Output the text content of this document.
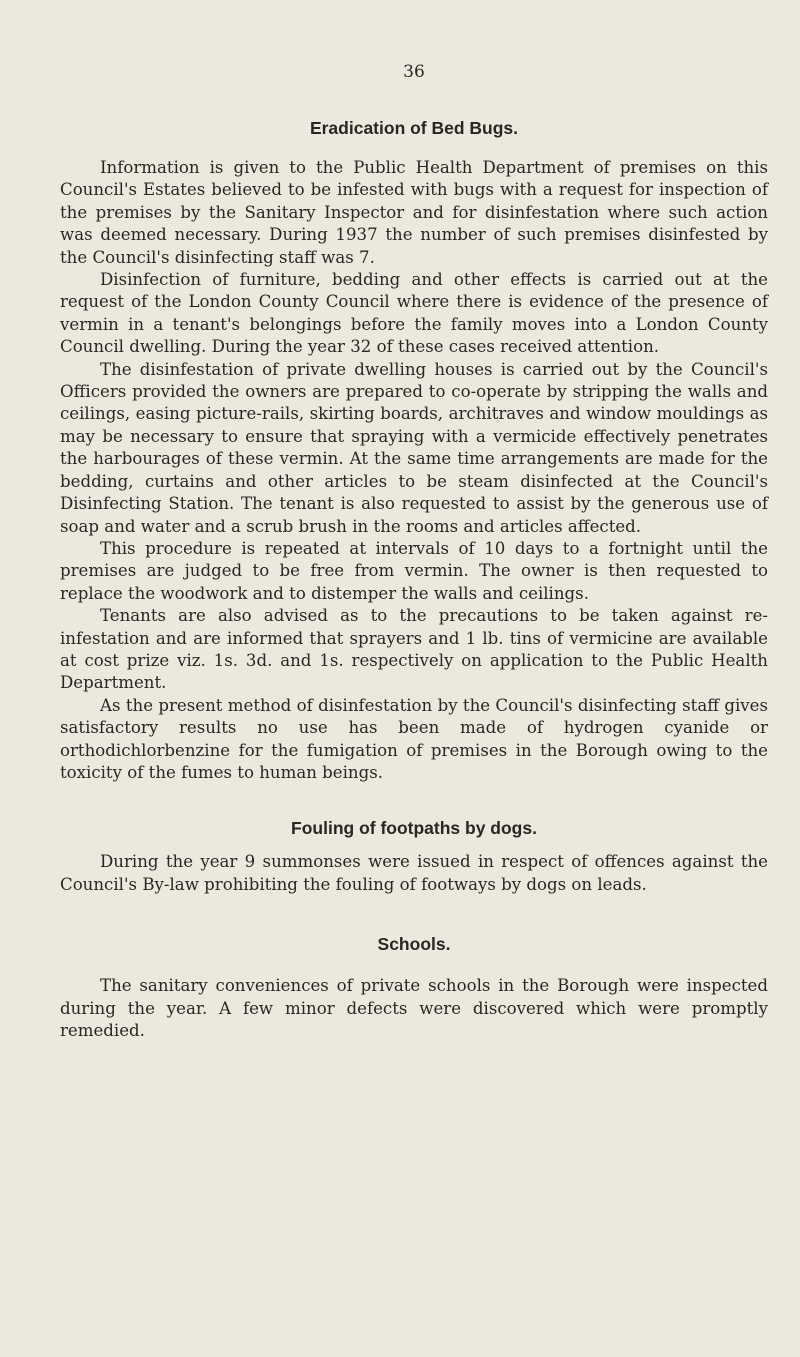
36
Eradication of Bed Bugs.

Information is given to the Public Health Department of premises on this Council's Estates believed to be infested with bugs with a request for inspection of the premises by the Sanitary Inspector and for disinfestation where such action was deemed necessary. During 1937 the number of such premises disinfested by the Council's disinfecting staff was 7.

Disinfection of furniture, bedding and other effects is carried out at the request of the London County Council where there is evidence of the presence of vermin in a tenant's belongings before the family moves into a London County Council dwelling. During the year 32 of these cases received attention.

The disinfestation of private dwelling houses is carried out by the Council's Officers provided the owners are prepared to co-operate by stripping the walls and ceilings, easing picture-rails, skirting boards, architraves and window mouldings as may be necessary to ensure that spraying with a vermicide effectively penetrates the harbourages of these vermin. At the same time arrangements are made for the bedding, curtains and other articles to be steam disinfected at the Council's Disinfecting Station. The tenant is also requested to assist by the generous use of soap and water and a scrub brush in the rooms and articles affected.

This procedure is repeated at intervals of 10 days to a fortnight until the premises are judged to be free from vermin. The owner is then requested to replace the woodwork and to distemper the walls and ceilings.

Tenants are also advised as to the precautions to be taken against re-infestation and are informed that sprayers and 1 lb. tins of vermicine are available at cost prize viz. 1s. 3d. and 1s. respectively on application to the Public Health Department.

As the present method of disinfestation by the Council's disinfecting staff gives satisfactory results no use has been made of hydrogen cyanide or orthodichlorbenzine for the fumigation of premises in the Borough owing to the toxicity of the fumes to human beings.

Fouling of footpaths by dogs.

During the year 9 summonses were issued in respect of offences against the Council's By-law prohibiting the fouling of footways by dogs on leads.

Schools.

The sanitary conveniences of private schools in the Borough were inspected during the year. A few minor defects were discovered which were promptly remedied.
